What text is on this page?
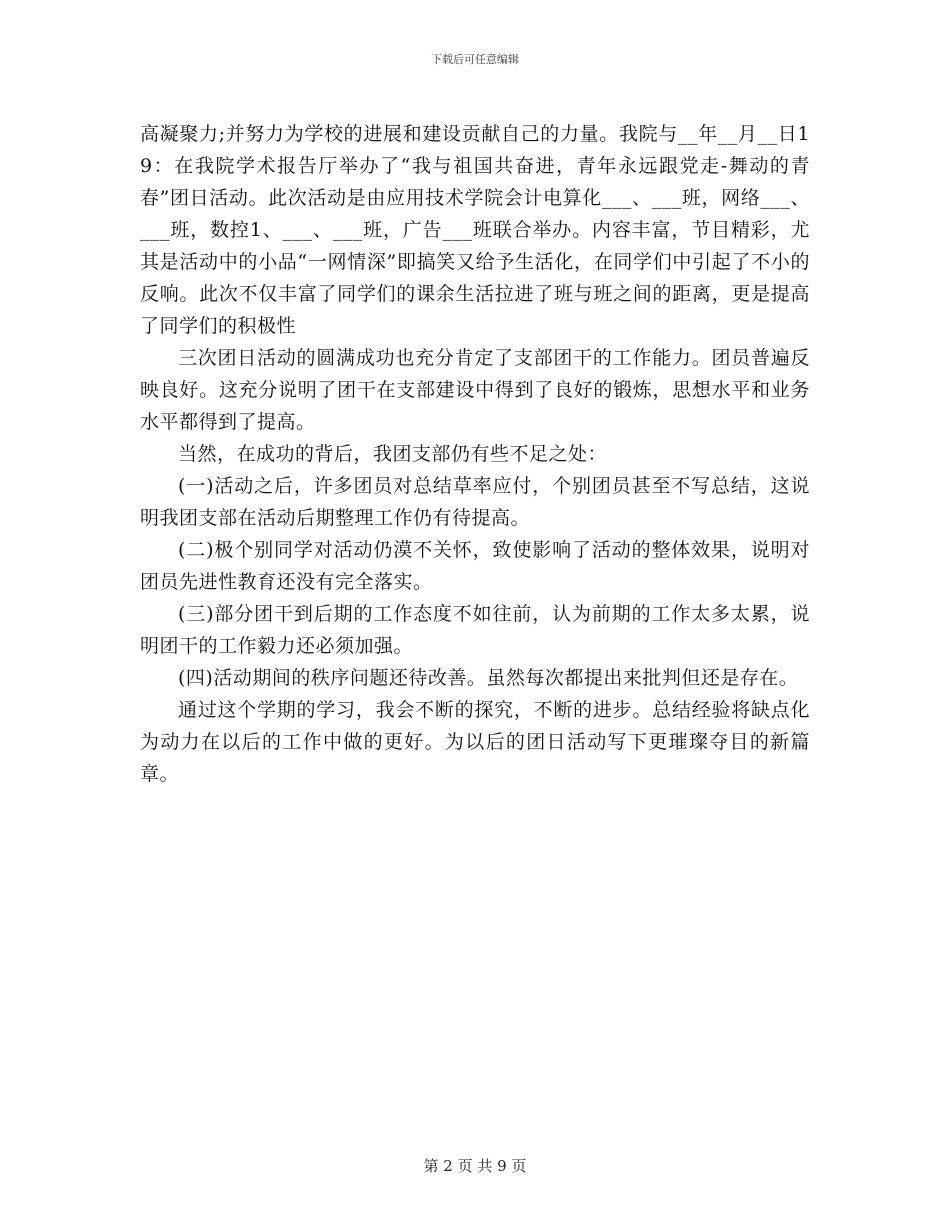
下载后可任意编辑

高凝聚力;并努力为学校的进展和建设贡献自己的力量。我院与__年__月__日19：在我院学术报告厅举办了“我与祖国共奋进，青年永远跟党走-舞动的青春”团日活动。此次活动是由应用技术学院会计电算化___、___班，网络___、___班，数控1、___、___班，广告___班联合举办。内容丰富，节目精彩，尤其是活动中的小品“一网情深”即搞笑又给予生活化，在同学们中引起了不小的反响。此次不仅丰富了同学们的课余生活拉进了班与班之间的距离，更是提高了同学们的积极性

三次团日活动的圆满成功也充分肯定了支部团干的工作能力。团员普遍反映良好。这充分说明了团干在支部建设中得到了良好的锻炼，思想水平和业务水平都得到了提高。

当然，在成功的背后，我团支部仍有些不足之处：

(一)活动之后，许多团员对总结草率应付，个别团员甚至不写总结，这说明我团支部在活动后期整理工作仍有待提高。

(二)极个别同学对活动仍漠不关怀，致使影响了活动的整体效果，说明对团员先进性教育还没有完全落实。

(三)部分团干到后期的工作态度不如往前，认为前期的工作太多太累，说明团干的工作毅力还必须加强。

(四)活动期间的秩序问题还待改善。虽然每次都提出来批判但还是存在。

通过这个学期的学习，我会不断的探究，不断的进步。总结经验将缺点化为动力在以后的工作中做的更好。为以后的团日活动写下更璀璨夺目的新篇章。

第 2 页 共 9 页
